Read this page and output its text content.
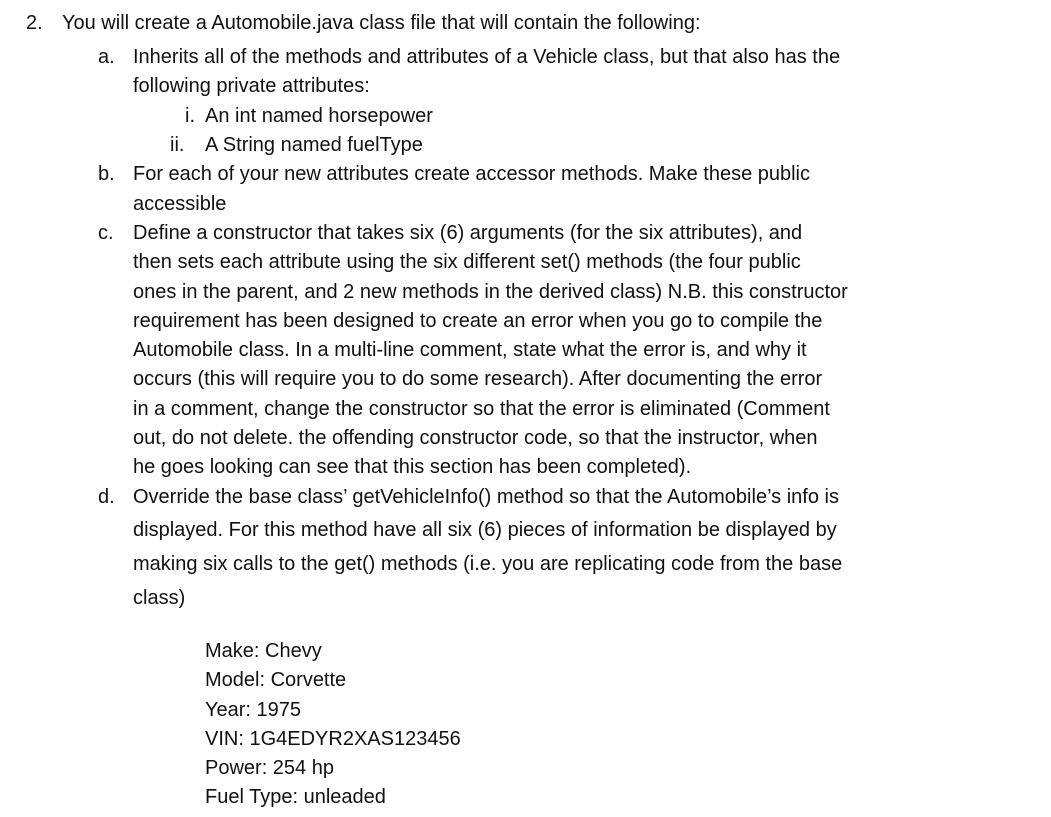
2. You will create a Automobile.java class file that will contain the following:
a. Inherits all of the methods and attributes of a Vehicle class, but that also has the
following private attributes:
i. An int named horsepower
ii. A String named fuelType
b. For each of your new attributes create accessor methods. Make these public
accessible
c. Define a constructor that takes six (6) arguments (for the six attributes), and
then sets each attribute using the six different set() methods (the four public
ones in the parent, and 2 new methods in the derived class) N.B. this constructor
requirement has been designed to create an error when you go to compile the
Automobile class. In a multi-line comment, state what the error is, and why it
occurs (this will require you to do some research). After documenting the error
in a comment, change the constructor so that the error is eliminated (Comment
out, do not delete. the offending constructor code, so that the instructor, when
he goes looking can see that this section has been completed).
d. Override the base class’ getVehicleInfo() method so that the Automobile’s info is
displayed. For this method have all six (6) pieces of information be displayed by
making six calls to the get() methods (i.e. you are replicating code from the base
class)
Make: Chevy
Model: Corvette
Year: 1975
VIN: 1G4EDYR2XAS123456
Power: 254 hp
Fuel Type: unleaded
